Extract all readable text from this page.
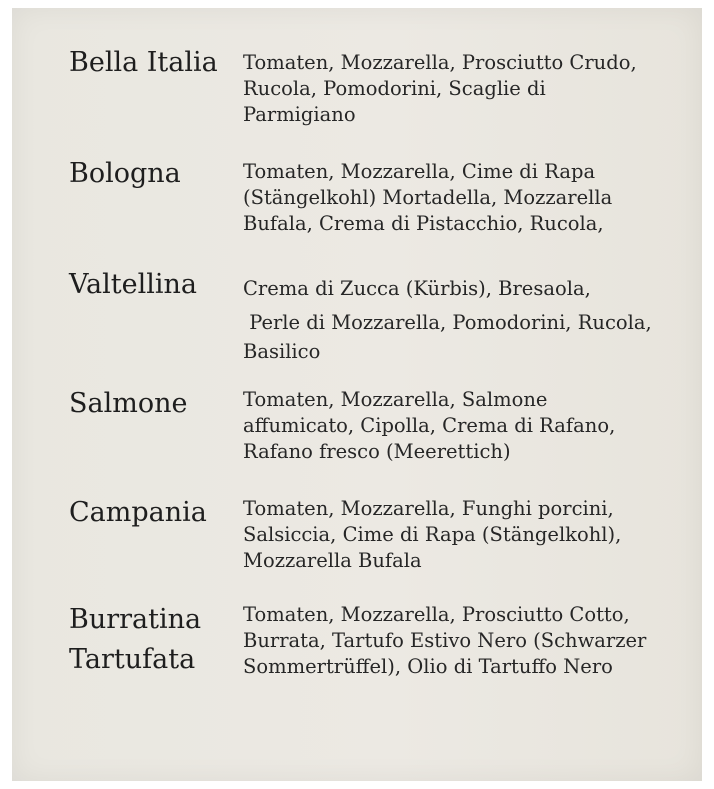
Bella Italia Tomaten, Mozzarella, Prosciutto Crudo,
Rucola, Pomodorini, Scaglie di
Parmigiano
Bologna	Tomaten, Mozzarella, Cime di Rapa
(Stängelkohl) Mortadella, Mozzarella
Bufala, Crema di Pistacchio, Rucola,
Valtellina Crema di Zucca (Kürbis), Bresaola,
Perle di Mozzarella, Pomodorini, Rucola,
Basilico
Salmone	Tomaten, Mozzarella, Salmone
affumicato, Cipolla, Crema di Rafano,
Rafano fresco (Meerettich)
Campania Tomaten, Mozzarella, Funghi porcini,
Salsiccia, Cime di Rapa (Stängelkohl),
Mozzarella Bufala
Burratina
Tartufata
Tomaten, Mozzarella, Prosciutto Cotto,
Burrata, Tartufo Estivo Nero (Schwarzer
Sommertrüffel), Olio di Tartuffo Nero
